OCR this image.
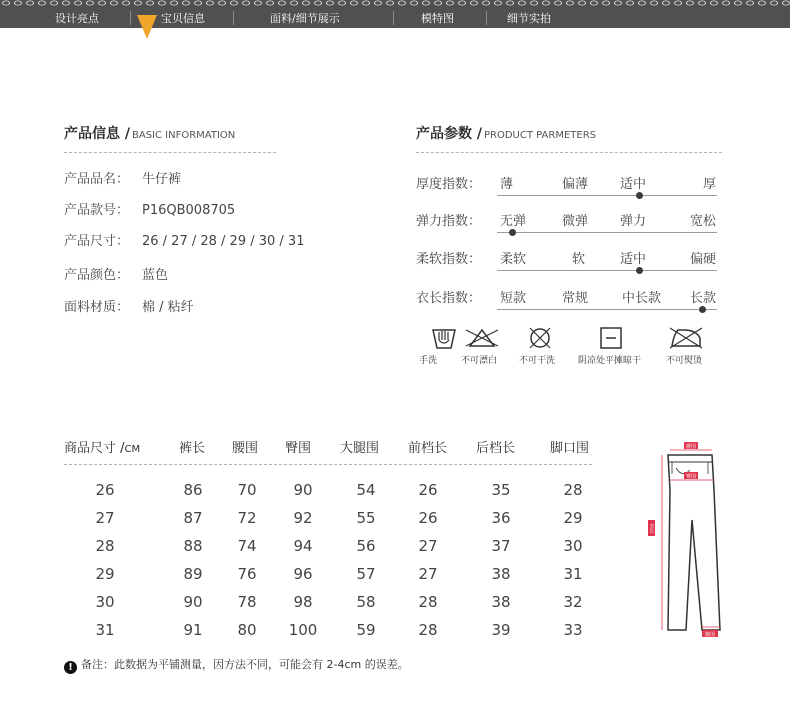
设计亮点	宝贝信息	面料/细节展示	模特图	细节实拍
产品信息 / BASIC INFORMATION
产品品名： 牛仔裤
产品款号： P16QB008705
产品尺寸： 26 / 27 / 28 / 29 / 30 / 31
产品颜色： 蓝色
面料材质： 棉 / 粘纤
产品参数 / PRODUCT PARMETERS
厚度指数： 薄	偏薄 适中	厚
弹力指数： 无弹	微弹 弹力	宽松
柔软指数： 柔软	软	适中	偏硬
衣长指数： 短款	常规	中长款 长款
手洗	不可漂白 不可干洗	阴凉处平摊晾干	不可熨烫
商品尺寸 /CM	裤长 腰围 臀围 大腿围 前档长 后档长	脚口围
26	86	70	90	54	26	35	28
27	87	72	92	55	26	36	29
28	88	74	94	56	27	37	30
29	89	76	96	57	27	38	31
30	90	78	98	58	28	38	32
31	91	80	100	59	28	39	33
腰围
臀围
衣长
脚围
! 备注：此数据为平铺测量，因方法不同，可能会有 2-4cm 的误差。
